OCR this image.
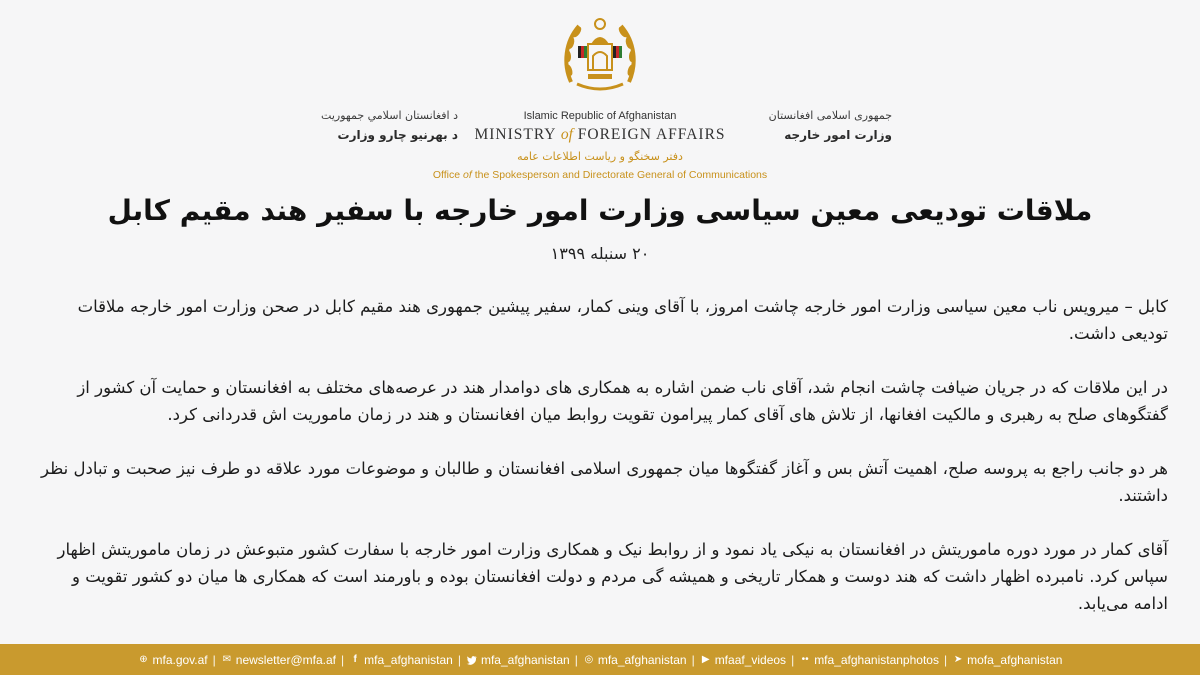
د افغانستان اسلامي جمهوریت
د بهرنیو چارو وزارت
Islamic Republic of Afghanistan
MINISTRY of FOREIGN AFFAIRS
دفتر سخنگو و ریاست اطلاعات عامه
Office of the Spokesperson and Directorate General of Communications
جمهوری اسلامی افغانستان
وزارت امور خارجه
ملاقات تودیعی معین سیاسی وزارت امور خارجه با سفیر هند مقیم کابل
۲۰ سنبله ۱۳۹۹

کابل – میرویس ناب معین سیاسی وزارت امور خارجه چاشت امروز، با آقای وینی کمار، سفیر پیشین جمهوری هند مقیم کابل در صحن وزارت امور خارجه ملاقات تودیعی داشت.

در این ملاقات که در جریان ضیافت چاشت انجام شد، آقای ناب ضمن اشاره به همکاری های دوامدار هند در عرصه‌های مختلف به افغانستان و حمایت آن کشور از گفتگوهای صلح به رهبری و مالکیت افغانها، از تلاش های آقای کمار پیرامون تقویت روابط میان افغانستان و هند در زمان ماموریت اش قدردانی کرد.

هر دو جانب راجع به پروسه صلح، اهمیت آتش بس و آغاز گفتگوها میان جمهوری اسلامی افغانستان و طالبان و موضوعات مورد علاقه دو طرف نیز صحبت و تبادل نظر داشتند.

آقای کمار در مورد دوره ماموریتش در افغانستان به نیکی یاد نمود و از روابط نیک و همکاری وزارت امور خارجه با سفارت کشور متبوعش در زمان ماموریتش اظهار سپاس کرد. نامبرده اظهار داشت که هند دوست و همکار تاریخی و همیشه گی مردم و دولت افغانستان بوده و باورمند است که همکاری ها میان دو کشور تقویت و ادامه می‌یابد.

⊕ mfa.gov.af | ✉ newsletter@mfa.af | f mfa_afghanistan | mfa_afghanistan | ◎ mfa_afghanistan | ▶ mfaaf_videos | •• mfa_afghanistanphotos | ➤ mofa_afghanistan
